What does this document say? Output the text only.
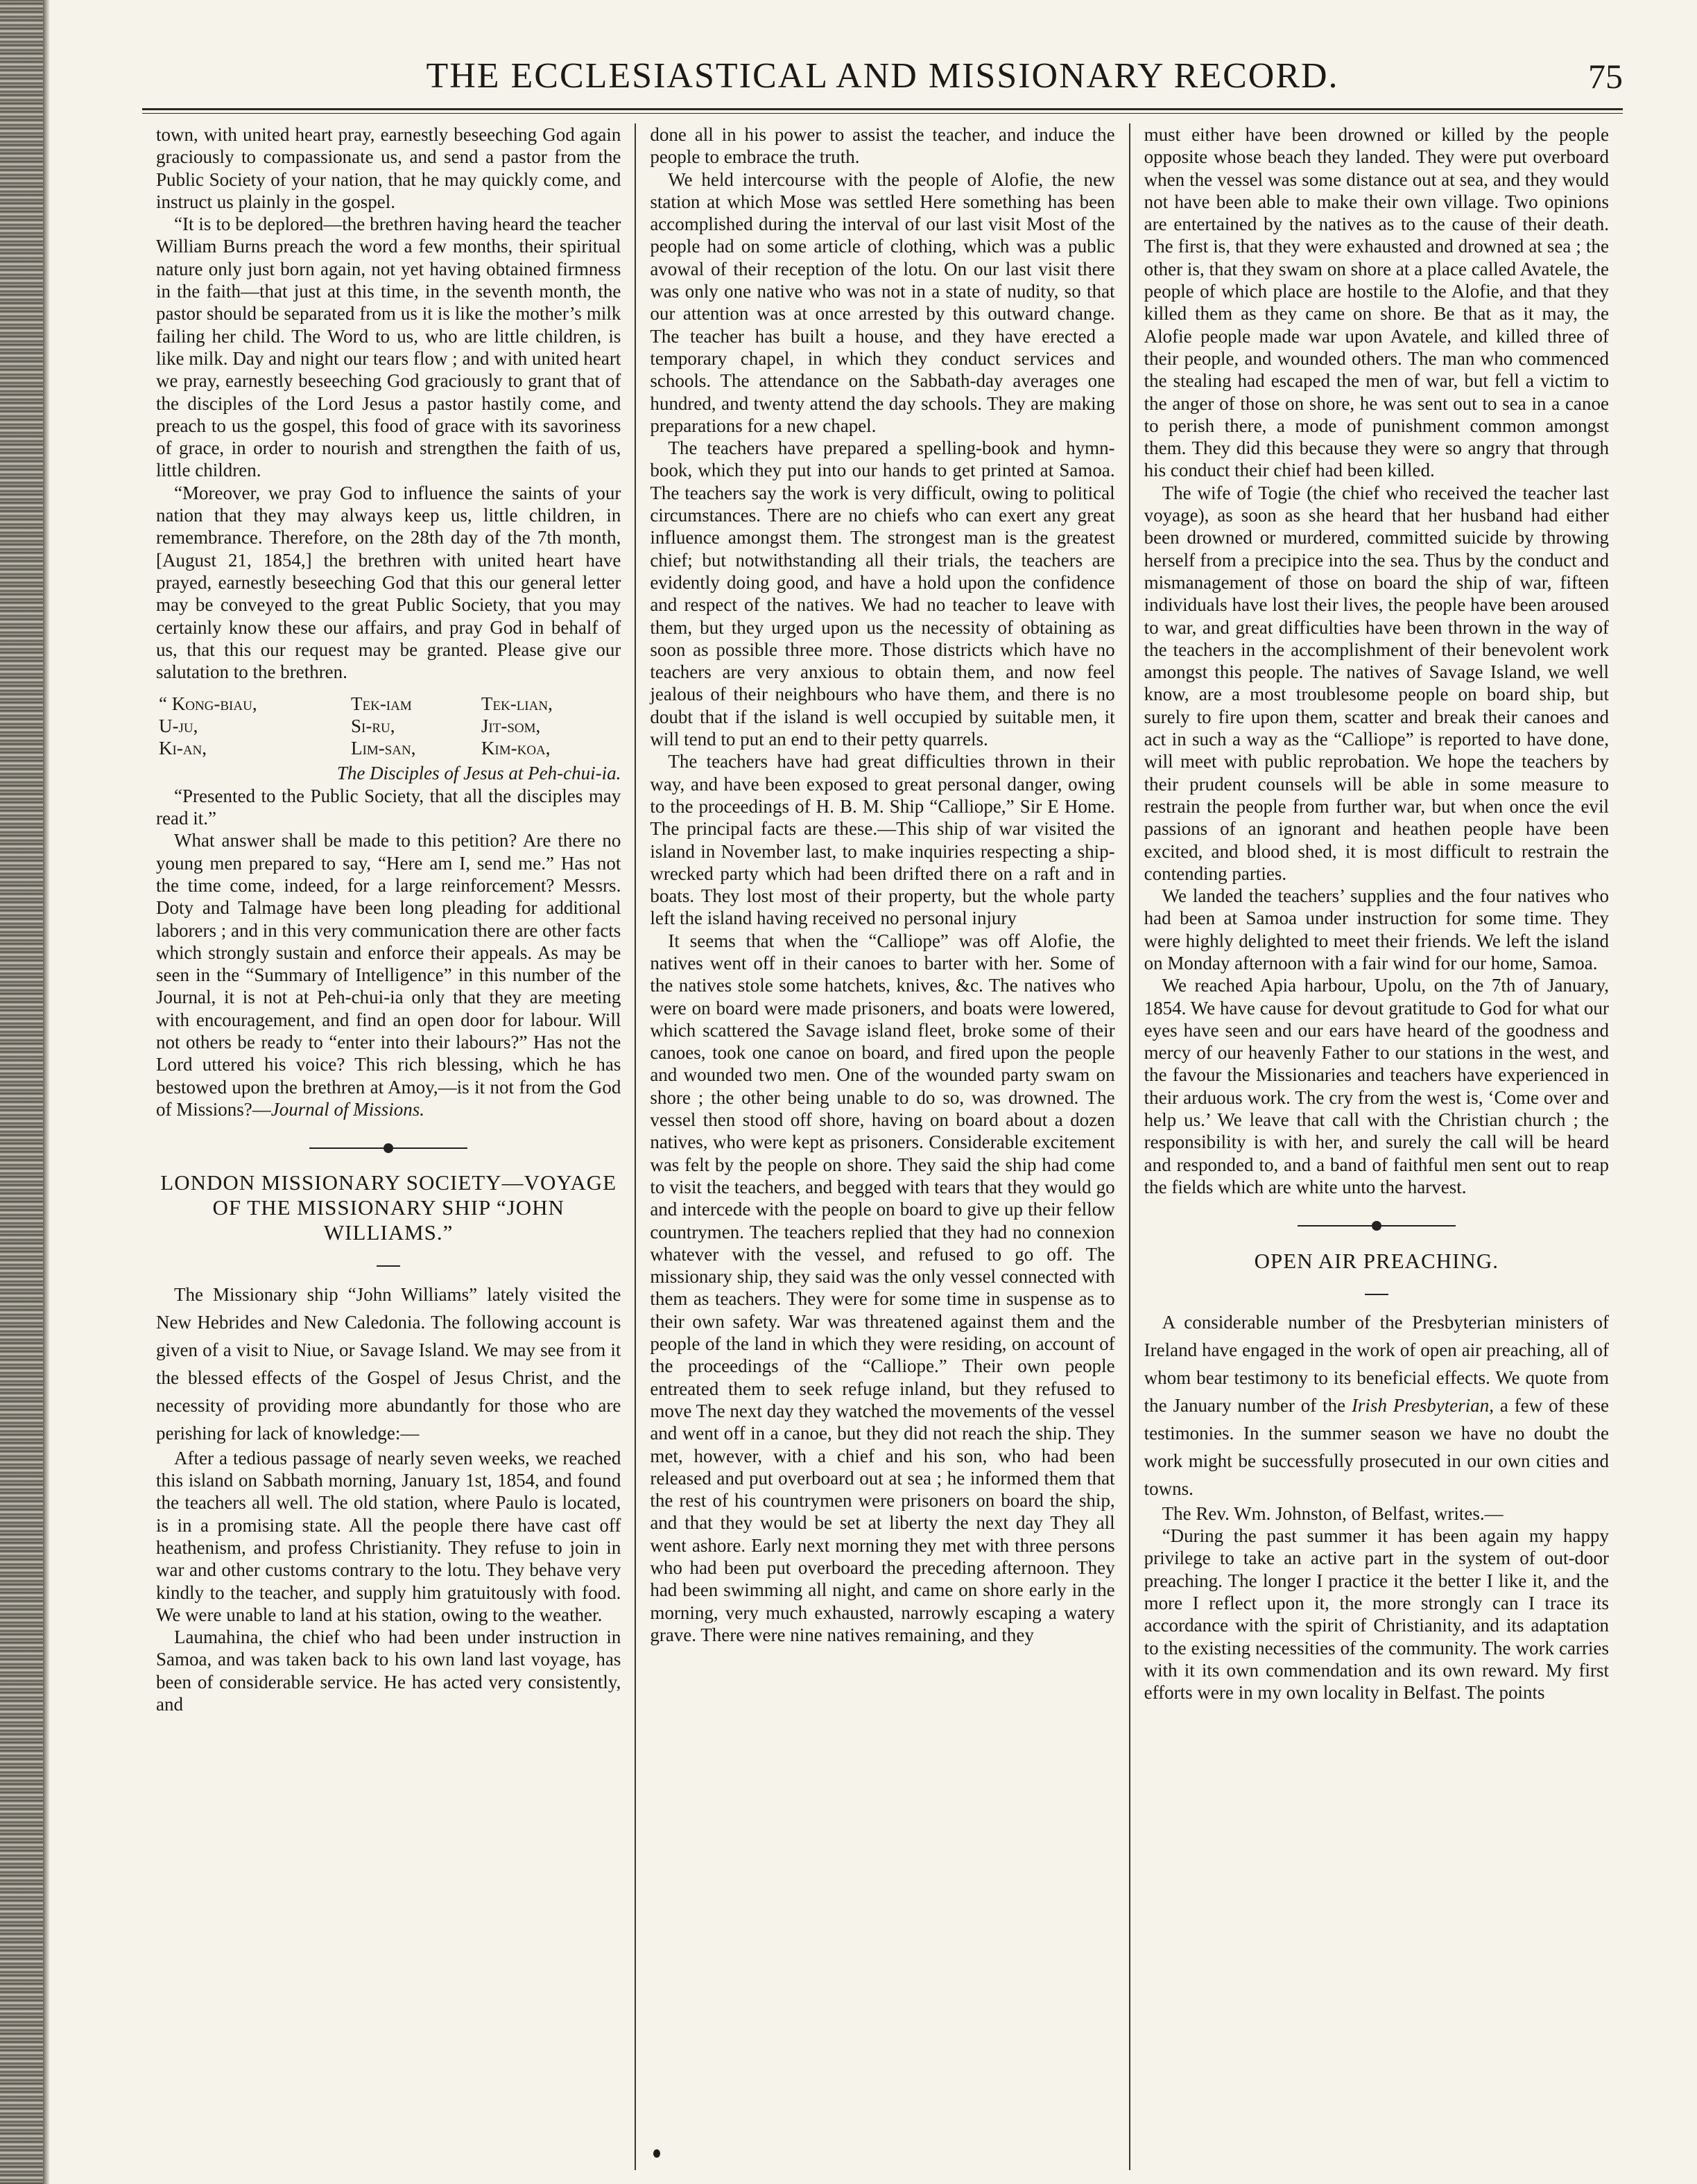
THE ECCLESIASTICAL AND MISSIONARY RECORD.	75

town, with united heart pray, earnestly beseeching God again graciously to compassionate us, and send a pastor from the Public Society of your nation, that he may quickly come, and instruct us plainly in the gospel.

“It is to be deplored—the brethren having heard the teacher William Burns preach the word a few months, their spiritual nature only just born again, not yet having obtained firmness in the faith—that just at this time, in the seventh month, the pastor should be separated from us it is like the mother’s milk failing her child. The Word to us, who are little children, is like milk. Day and night our tears flow ; and with united heart we pray, earnestly beseeching God graciously to grant that of the disciples of the Lord Jesus a pastor hastily come, and preach to us the gospel, this food of grace with its savoriness of grace, in order to nourish and strengthen the faith of us, little children.

“Moreover, we pray God to influence the saints of your nation that they may always keep us, little children, in remembrance. Therefore, on the 28th day of the 7th month, [August 21, 1854,] the brethren with united heart have prayed, earnestly beseeching God that this our general letter may be conveyed to the great Public Society, that you may certainly know these our affairs, and pray God in behalf of us, that this our request may be granted. Please give our salutation to the brethren.

“ Kong-biau,	Tek-iam	Tek-lian,
U-ju,	Si-ru,	Jit-som,
Ki-an,	Lim-san,	Kim-koa,

The Disciples of Jesus at Peh-chui-ia.

“Presented to the Public Society, that all the disciples may read it.”

What answer shall be made to this petition? Are there no young men prepared to say, “Here am I, send me.” Has not the time come, indeed, for a large reinforcement? Messrs. Doty and Talmage have been long pleading for additional laborers ; and in this very communication there are other facts which strongly sustain and enforce their appeals. As may be seen in the “Summary of Intelligence” in this number of the Journal, it is not at Peh-chui-ia only that they are meeting with encouragement, and find an open door for labour. Will not others be ready to “enter into their labours?” Has not the Lord uttered his voice? This rich blessing, which he has bestowed upon the brethren at Amoy,—is it not from the God of Missions?—Journal of Missions.

LONDON MISSIONARY SOCIETY—VOYAGE OF THE MISSIONARY SHIP “JOHN WILLIAMS.”

The Missionary ship “John Williams” lately visited the New Hebrides and New Caledonia. The following account is given of a visit to Niue, or Savage Island. We may see from it the blessed effects of the Gospel of Jesus Christ, and the necessity of providing more abundantly for those who are perishing for lack of knowledge:—

After a tedious passage of nearly seven weeks, we reached this island on Sabbath morning, January 1st, 1854, and found the teachers all well. The old station, where Paulo is located, is in a promising state. All the people there have cast off heathenism, and profess Christianity. They refuse to join in war and other customs contrary to the lotu. They behave very kindly to the teacher, and supply him gratuitously with food. We were unable to land at his station, owing to the weather.

Laumahina, the chief who had been under instruction in Samoa, and was taken back to his own land last voyage, has been of considerable service. He has acted very consistently, and

done all in his power to assist the teacher, and induce the people to embrace the truth.

We held intercourse with the people of Alofie, the new station at which Mose was settled Here something has been accomplished during the interval of our last visit Most of the people had on some article of clothing, which was a public avowal of their reception of the lotu. On our last visit there was only one native who was not in a state of nudity, so that our attention was at once arrested by this outward change. The teacher has built a house, and they have erected a temporary chapel, in which they conduct services and schools. The attendance on the Sabbath-day averages one hundred, and twenty attend the day schools. They are making preparations for a new chapel.

The teachers have prepared a spelling-book and hymn-book, which they put into our hands to get printed at Samoa. The teachers say the work is very difficult, owing to political circumstances. There are no chiefs who can exert any great influence amongst them. The strongest man is the greatest chief; but notwithstanding all their trials, the teachers are evidently doing good, and have a hold upon the confidence and respect of the natives. We had no teacher to leave with them, but they urged upon us the necessity of obtaining as soon as possible three more. Those districts which have no teachers are very anxious to obtain them, and now feel jealous of their neighbours who have them, and there is no doubt that if the island is well occupied by suitable men, it will tend to put an end to their petty quarrels.

The teachers have had great difficulties thrown in their way, and have been exposed to great personal danger, owing to the proceedings of H. B. M. Ship “Calliope,” Sir E Home. The principal facts are these.—This ship of war visited the island in November last, to make inquiries respecting a ship-wrecked party which had been drifted there on a raft and in boats. They lost most of their property, but the whole party left the island having received no personal injury

It seems that when the “Calliope” was off Alofie, the natives went off in their canoes to barter with her. Some of the natives stole some hatchets, knives, &c. The natives who were on board were made prisoners, and boats were lowered, which scattered the Savage island fleet, broke some of their canoes, took one canoe on board, and fired upon the people and wounded two men. One of the wounded party swam on shore ; the other being unable to do so, was drowned. The vessel then stood off shore, having on board about a dozen natives, who were kept as prisoners. Considerable excitement was felt by the people on shore. They said the ship had come to visit the teachers, and begged with tears that they would go and intercede with the people on board to give up their fellow countrymen. The teachers replied that they had no connexion whatever with the vessel, and refused to go off. The missionary ship, they said was the only vessel connected with them as teachers. They were for some time in suspense as to their own safety. War was threatened against them and the people of the land in which they were residing, on account of the proceedings of the “Calliope.” Their own people entreated them to seek refuge inland, but they refused to move The next day they watched the movements of the vessel and went off in a canoe, but they did not reach the ship. They met, however, with a chief and his son, who had been released and put overboard out at sea ; he informed them that the rest of his countrymen were prisoners on board the ship, and that they would be set at liberty the next day They all went ashore. Early next morning they met with three persons who had been put overboard the preceding afternoon. They had been swimming all night, and came on shore early in the morning, very much exhausted, narrowly escaping a watery grave. There were nine natives remaining, and they

must either have been drowned or killed by the people opposite whose beach they landed. They were put overboard when the vessel was some distance out at sea, and they would not have been able to make their own village. Two opinions are entertained by the natives as to the cause of their death. The first is, that they were exhausted and drowned at sea ; the other is, that they swam on shore at a place called Avatele, the people of which place are hostile to the Alofie, and that they killed them as they came on shore. Be that as it may, the Alofie people made war upon Avatele, and killed three of their people, and wounded others. The man who commenced the stealing had escaped the men of war, but fell a victim to the anger of those on shore, he was sent out to sea in a canoe to perish there, a mode of punishment common amongst them. They did this because they were so angry that through his conduct their chief had been killed.

The wife of Togie (the chief who received the teacher last voyage), as soon as she heard that her husband had either been drowned or murdered, committed suicide by throwing herself from a precipice into the sea. Thus by the conduct and mismanagement of those on board the ship of war, fifteen individuals have lost their lives, the people have been aroused to war, and great difficulties have been thrown in the way of the teachers in the accomplishment of their benevolent work amongst this people. The natives of Savage Island, we well know, are a most troublesome people on board ship, but surely to fire upon them, scatter and break their canoes and act in such a way as the “Calliope” is reported to have done, will meet with public reprobation. We hope the teachers by their prudent counsels will be able in some measure to restrain the people from further war, but when once the evil passions of an ignorant and heathen people have been excited, and blood shed, it is most difficult to restrain the contending parties.

We landed the teachers’ supplies and the four natives who had been at Samoa under instruction for some time. They were highly delighted to meet their friends. We left the island on Monday afternoon with a fair wind for our home, Samoa.

We reached Apia harbour, Upolu, on the 7th of January, 1854. We have cause for devout gratitude to God for what our eyes have seen and our ears have heard of the goodness and mercy of our heavenly Father to our stations in the west, and the favour the Missionaries and teachers have experienced in their arduous work. The cry from the west is, ‘Come over and help us.’ We leave that call with the Christian church ; the responsibility is with her, and surely the call will be heard and responded to, and a band of faithful men sent out to reap the fields which are white unto the harvest.

OPEN AIR PREACHING.

A considerable number of the Presbyterian ministers of Ireland have engaged in the work of open air preaching, all of whom bear testimony to its beneficial effects. We quote from the January number of the Irish Presbyterian, a few of these testimonies. In the summer season we have no doubt the work might be successfully prosecuted in our own cities and towns.

The Rev. Wm. Johnston, of Belfast, writes.—

“During the past summer it has been again my happy privilege to take an active part in the system of out-door preaching. The longer I practice it the better I like it, and the more I reflect upon it, the more strongly can I trace its accordance with the spirit of Christianity, and its adaptation to the existing necessities of the community. The work carries with it its own commendation and its own reward. My first efforts were in my own locality in Belfast. The points
